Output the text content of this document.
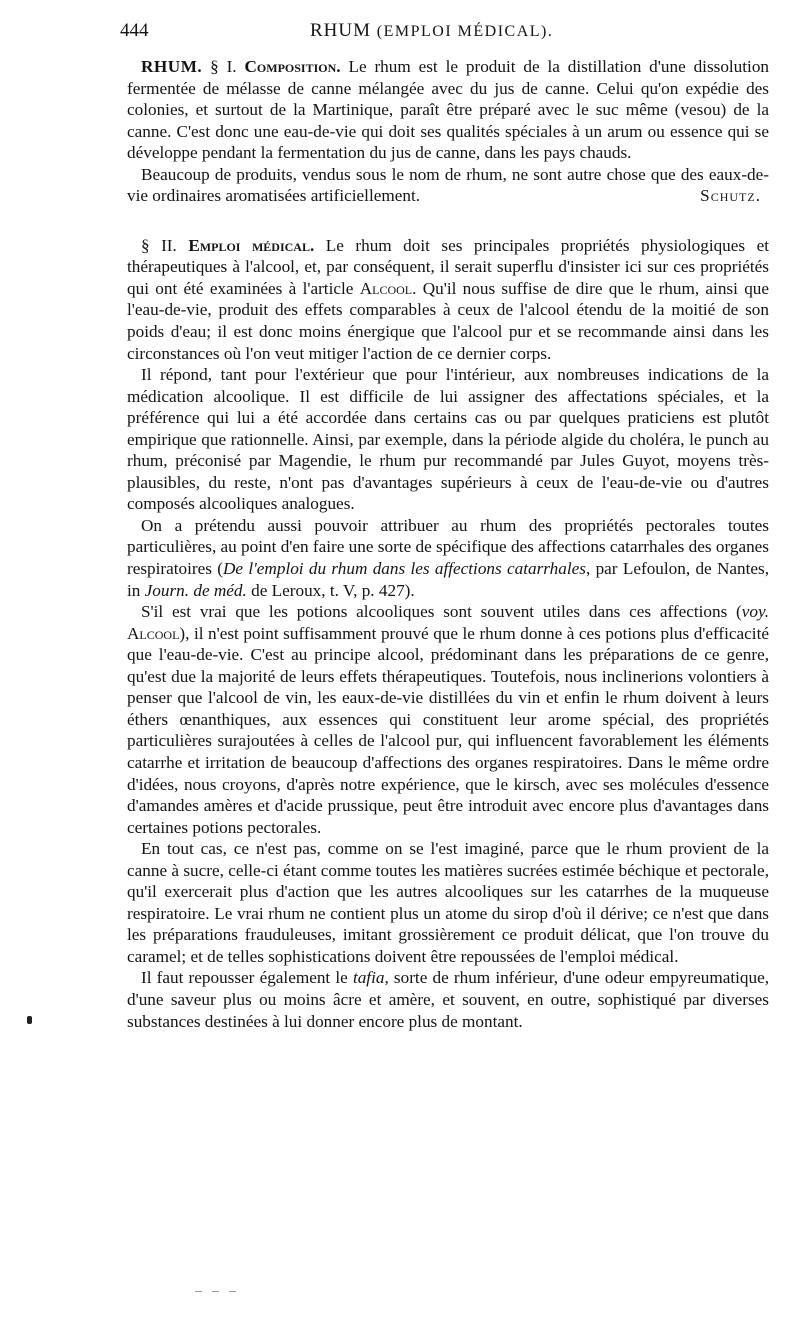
444	RHUM (EMPLOI MÉDICAL).

RHUM. § I. Composition. Le rhum est le produit de la distillation d'une dissolution fermentée de mélasse de canne mélangée avec du jus de canne. Celui qu'on expédie des colonies, et surtout de la Martinique, paraît être préparé avec le suc même (vesou) de la canne. C'est donc une eau-de-vie qui doit ses qualités spéciales à un arum ou essence qui se développe pendant la fermentation du jus de canne, dans les pays chauds.

Beaucoup de produits, vendus sous le nom de rhum, ne sont autre chose que des eaux-de-vie ordinaires aromatisées artificiellement.	Schutz.

§ II. Emploi médical. Le rhum doit ses principales propriétés physiologiques et thérapeutiques à l'alcool, et, par conséquent, il serait superflu d'insister ici sur ces propriétés qui ont été examinées à l'article Alcool. Qu'il nous suffise de dire que le rhum, ainsi que l'eau-de-vie, produit des effets comparables à ceux de l'alcool étendu de la moitié de son poids d'eau; il est donc moins énergique que l'alcool pur et se recommande ainsi dans les circonstances où l'on veut mitiger l'action de ce dernier corps.

Il répond, tant pour l'extérieur que pour l'intérieur, aux nombreuses indications de la médication alcoolique. Il est difficile de lui assigner des affectations spéciales, et la préférence qui lui a été accordée dans certains cas ou par quelques praticiens est plutôt empirique que rationnelle. Ainsi, par exemple, dans la période algide du choléra, le punch au rhum, préconisé par Magendie, le rhum pur recommandé par Jules Guyot, moyens très-plausibles, du reste, n'ont pas d'avantages supérieurs à ceux de l'eau-de-vie ou d'autres composés alcooliques analogues.

On a prétendu aussi pouvoir attribuer au rhum des propriétés pectorales toutes particulières, au point d'en faire une sorte de spécifique des affections catarrhales des organes respiratoires (De l'emploi du rhum dans les affections catarrhales, par Lefoulon, de Nantes, in Journ. de méd. de Leroux, t. V, p. 427).

S'il est vrai que les potions alcooliques sont souvent utiles dans ces affections (voy. Alcool), il n'est point suffisamment prouvé que le rhum donne à ces potions plus d'efficacité que l'eau-de-vie. C'est au principe alcool, prédominant dans les préparations de ce genre, qu'est due la majorité de leurs effets thérapeutiques. Toutefois, nous inclinerions volontiers à penser que l'alcool de vin, les eaux-de-vie distillées du vin et enfin le rhum doivent à leurs éthers œnanthiques, aux essences qui constituent leur arome spécial, des propriétés particulières surajoutées à celles de l'alcool pur, qui influencent favorablement les éléments catarrhe et irritation de beaucoup d'affections des organes respiratoires. Dans le même ordre d'idées, nous croyons, d'après notre expérience, que le kirsch, avec ses molécules d'essence d'amandes amères et d'acide prussique, peut être introduit avec encore plus d'avantages dans certaines potions pectorales.

En tout cas, ce n'est pas, comme on se l'est imaginé, parce que le rhum provient de la canne à sucre, celle-ci étant comme toutes les matières sucrées estimée béchique et pectorale, qu'il exercerait plus d'action que les autres alcooliques sur les catarrhes de la muqueuse respiratoire. Le vrai rhum ne contient plus un atome du sirop d'où il dérive; ce n'est que dans les préparations frauduleuses, imitant grossièrement ce produit délicat, que l'on trouve du caramel; et de telles sophistications doivent être repoussées de l'emploi médical.

Il faut repousser également le tafia, sorte de rhum inférieur, d'une odeur empyreumatique, d'une saveur plus ou moins âcre et amère, et souvent, en outre, sophistiqué par diverses substances destinées à lui donner encore plus de montant.
